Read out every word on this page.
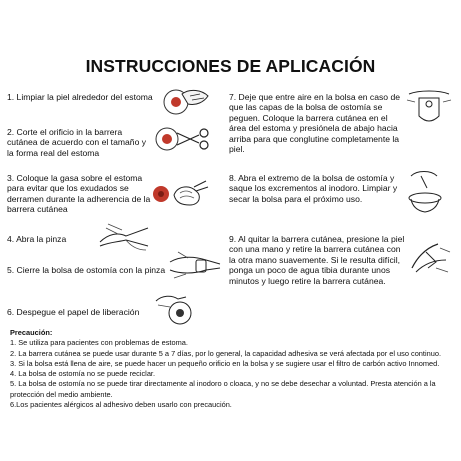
INSTRUCCIONES DE APLICACIÓN
1. Limpiar la piel alrededor del estoma
2. Corte el orificio in la barrera cutánea de acuerdo con el tamaño y la forma real del estoma
3. Coloque la gasa sobre el estoma para evitar que los exudados se derramen durante la adherencia de la barrera cutánea
4. Abra la pinza
5. Cierre la bolsa de ostomía con la pinza
6. Despegue el papel de liberación
7. Deje que entre aire en la bolsa en caso de que las capas de la bolsa de ostomía se peguen. Coloque la barrera cutánea en el área del estoma y presiónela de abajo hacia arriba para que conglutine completamente la piel.
8. Abra el extremo de la bolsa de ostomía y saque los excrementos al inodoro. Limpiar y secar la bolsa para el próximo uso.
9. Al quitar la barrera cutánea, presione la piel con una mano y retire la barrera cutánea con la otra mano suavemente. Si le resulta difícil, ponga un poco de agua tibia durante unos minutos y luego retire la barrera cutánea.
Precaución:
1. Se utiliza para pacientes con problemas de estoma.
2. La barrera cutánea se puede usar durante 5 a 7 días, por lo general, la capacidad adhesiva se verá afectada por el uso continuo.
3. Si la bolsa está llena de aire, se puede hacer un pequeño orificio en la bolsa y se sugiere usar el filtro de carbón activo Innomed.
4. La bolsa de ostomía no se puede reciclar.
5. La bolsa de ostomía no se puede tirar directamente al inodoro o cloaca, y no se debe desechar a voluntad. Presta atención a la protección del medio ambiente.
6.Los pacientes alérgicos al adhesivo deben usarlo con precaución.
